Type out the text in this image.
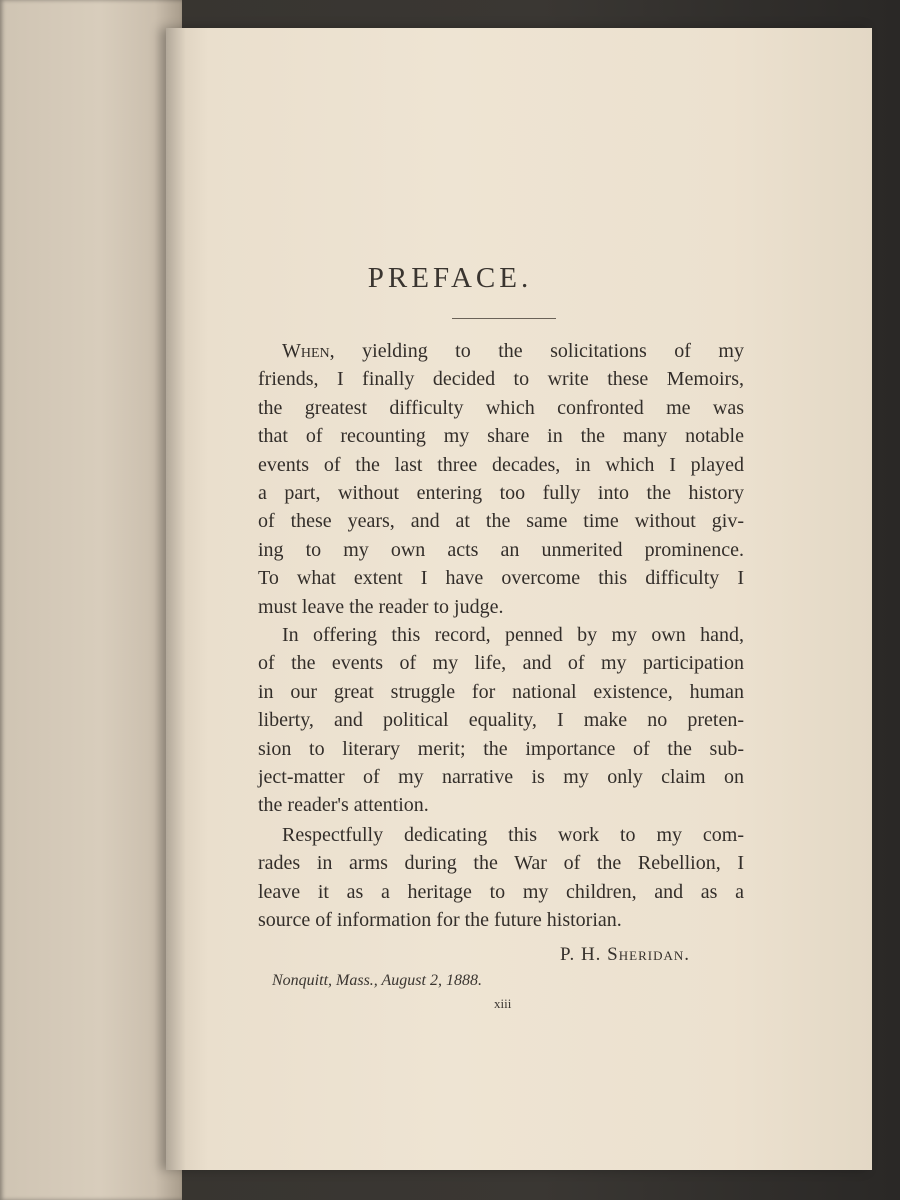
PREFACE.
When, yielding to the solicitations of my
friends, I finally decided to write these Memoirs,
the greatest difficulty which confronted me was
that of recounting my share in the many notable
events of the last three decades, in which I played
a part, without entering too fully into the history
of these years, and at the same time without giv-
ing to my own acts an unmerited prominence.
To what extent I have overcome this difficulty I
must leave the reader to judge.
In offering this record, penned by my own hand,
of the events of my life, and of my participation
in our great struggle for national existence, human
liberty, and political equality, I make no preten-
sion to literary merit; the importance of the sub-
ject-matter of my narrative is my only claim on
the reader's attention.
Respectfully dedicating this work to my com-
rades in arms during the War of the Rebellion, I
leave it as a heritage to my children, and as a
source of information for the future historian.
P. H. Sheridan.
Nonquitt, Mass., August 2, 1888.
xiii
